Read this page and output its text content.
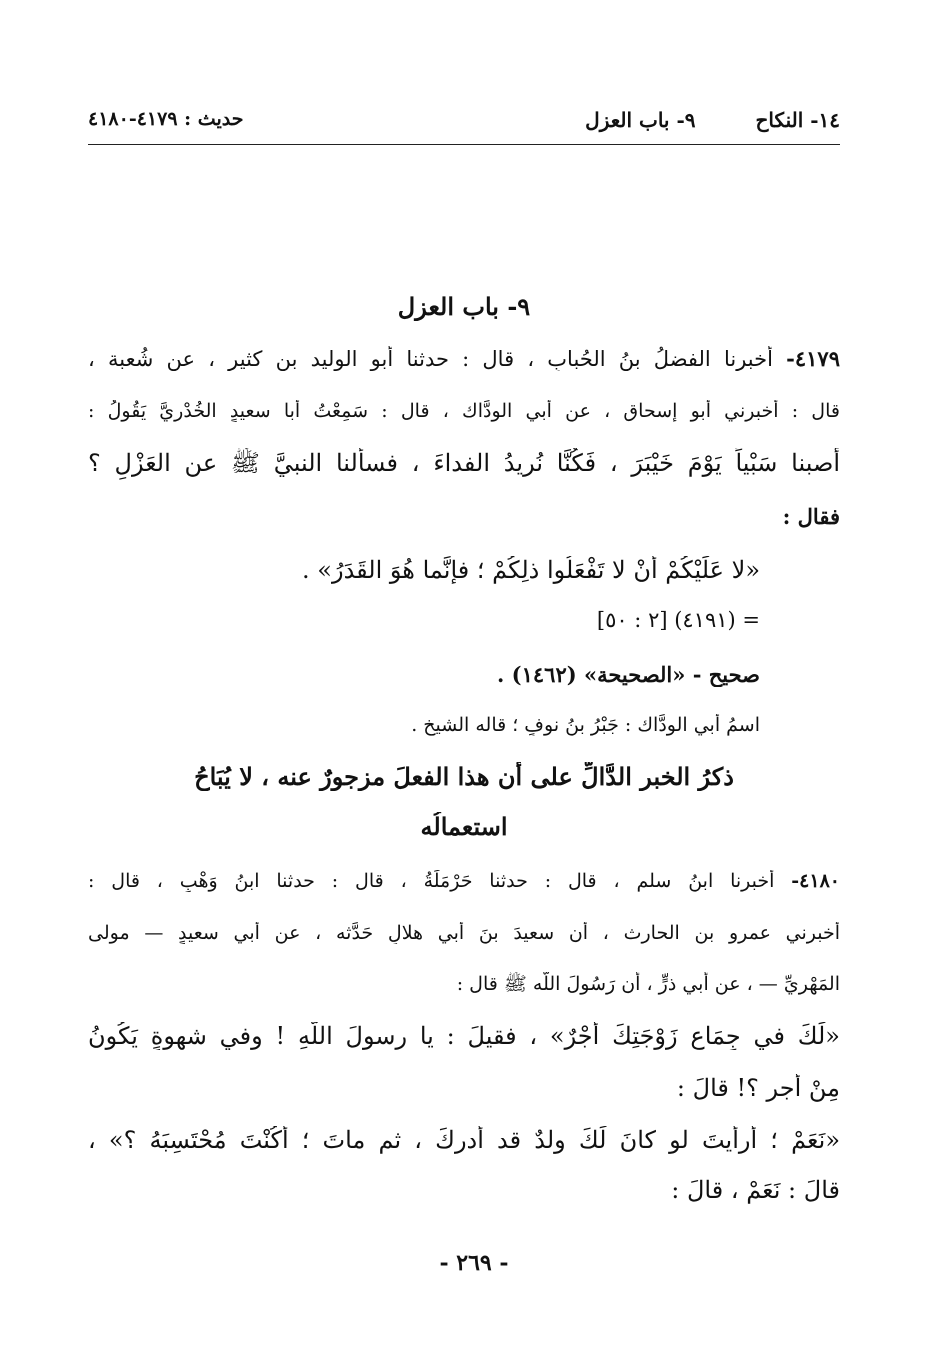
١٤- النكاح٩- باب العزل
حديث : ٤١٧٩-٤١٨٠
٩- باب العزل
٤١٧٩- أخبرنا الفضلُ بنُ الحُبابِ ، قال : حدثنا أبو الوليد بن كثير ، عن شُعبة ،
قال : أخبرني أبو إسحاق ، عن أبي الودَّاك ، قال : سَمِعْتُ أبا سعيدٍ الخُدْريَّ يَقُولُ :
أصبنا سَبْياً يَوْمَ خَيْبَرَ ، فَكُنَّا نُريدُ الفداءَ ، فسألنا النبيَّ ﷺ عن العَزْلِ ؟
فقال :
«لا عَلَيْكُمْ أنْ لا تَفْعَلُوا ذلِكُمْ ؛ فإنَّما هُوَ القَدَرُ» .
= (٤١٩١) [٢ : ٥٠]
صحيح - «الصحيحة» (١٤٦٢) .
اسمُ أبي الودَّاك : جَبْرُ بنُ نوفٍ ؛ قاله الشيخ .
ذكرُ الخبرِ الدَّالِّ على أن هذا الفعلَ مزجورٌ عنه ، لا يُبَاحُ
استعمالُه
٤١٨٠- أخبرنا ابنُ سلم ، قال : حدثنا حَرْمَلَةُ ، قال : حدثنا ابنُ وَهْبٍ ، قال :
أخبرني عمرو بن الحارث ، أن سعيدَ بنَ أبي هلالٍ حَدَّثه ، عن أبي سعيدٍ — مولى
المَهْريِّ — ، عن أبي ذرٍّ ، أن رَسُولَ اللَّه ﷺ قال :
«لَكَ في جِمَاعِ زَوْجَتِكَ أَجْرٌ» ، فقيلَ : يا رسولَ اللَّهِ ! وفي شهوةٍ يَكُونُ
مِنْ أجرٍ ؟! قالَ :
«نَعَمْ ؛ أرأيتَ لو كانَ لَكَ ولدٌ قد أدركَ ، ثم ماتَ ؛ أَكُنْتَ مُحْتَسِبَهُ ؟» ،
قالَ : نَعَمْ ، قالَ :
- ٢٦٩ -
